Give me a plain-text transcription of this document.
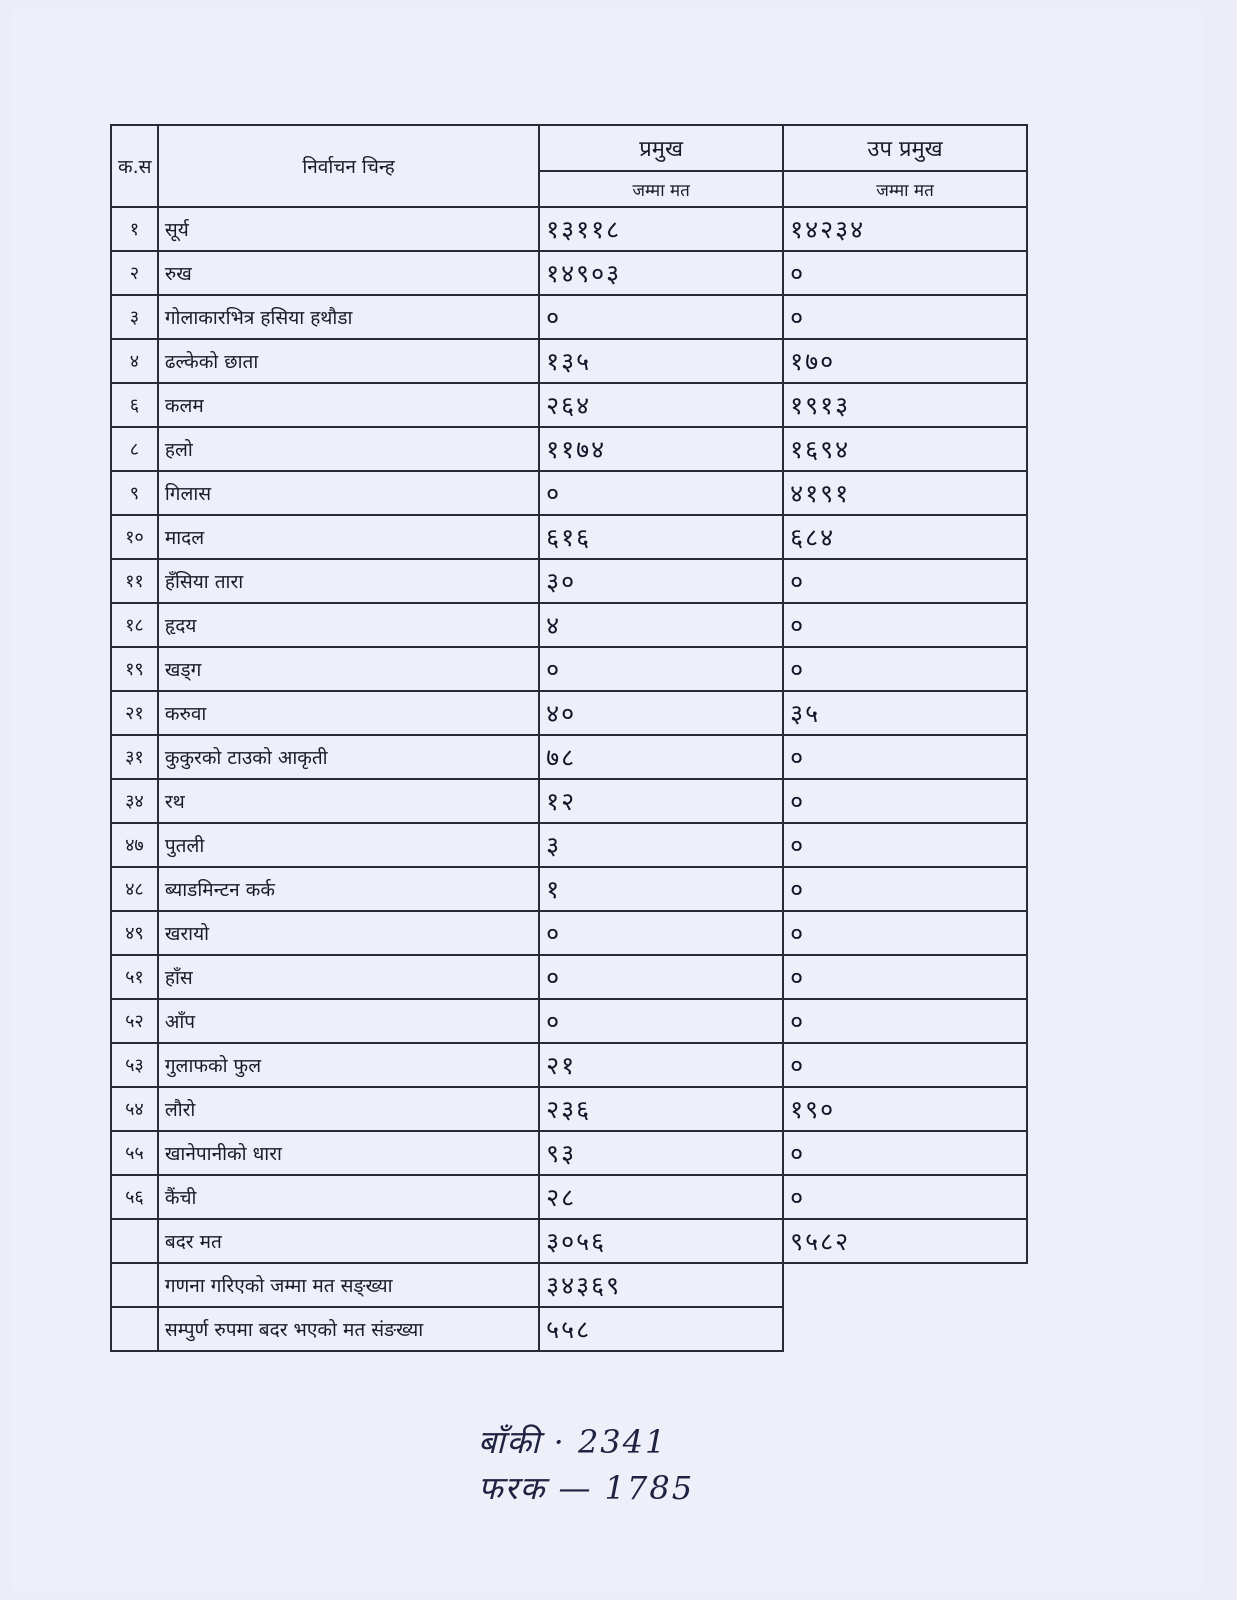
क.स	निर्वाचन चिन्ह	प्रमुख	उप प्रमुख
		जम्मा मत	जम्मा मत
१	सूर्य	१३११८	१४२३४
२	रुख	१४९०३	०
३	गोलाकारभित्र हसिया हथौडा	०	०
४	ढल्केको छाता	१३५	१७०
६	कलम	२६४	१९१३
८	हलो	११७४	१६९४
९	गिलास	०	४१९१
१०	मादल	६१६	६८४
११	हँसिया तारा	३०	०
१८	हृदय	४	०
१९	खड्ग	०	०
२१	करुवा	४०	३५
३१	कुकुरको टाउको आकृती	७८	०
३४	रथ	१२	०
४७	पुतली	३	०
४८	ब्याडमिन्टन कर्क	१	०
४९	खरायो	०	०
५१	हाँस	०	०
५२	आँप	०	०
५३	गुलाफको फुल	२१	०
५४	लौरो	२३६	१९०
५५	खानेपानीको धारा	९३	०
५६	कैंची	२८	०
	बदर मत	३०५६	९५८२
	गणना गरिएको जम्मा मत सङ्ख्या	३४३६९	
	सम्पुर्ण रुपमा बदर भएको मत संङख्या	५५८	
बाँकी · 2341
फरक — 1785
